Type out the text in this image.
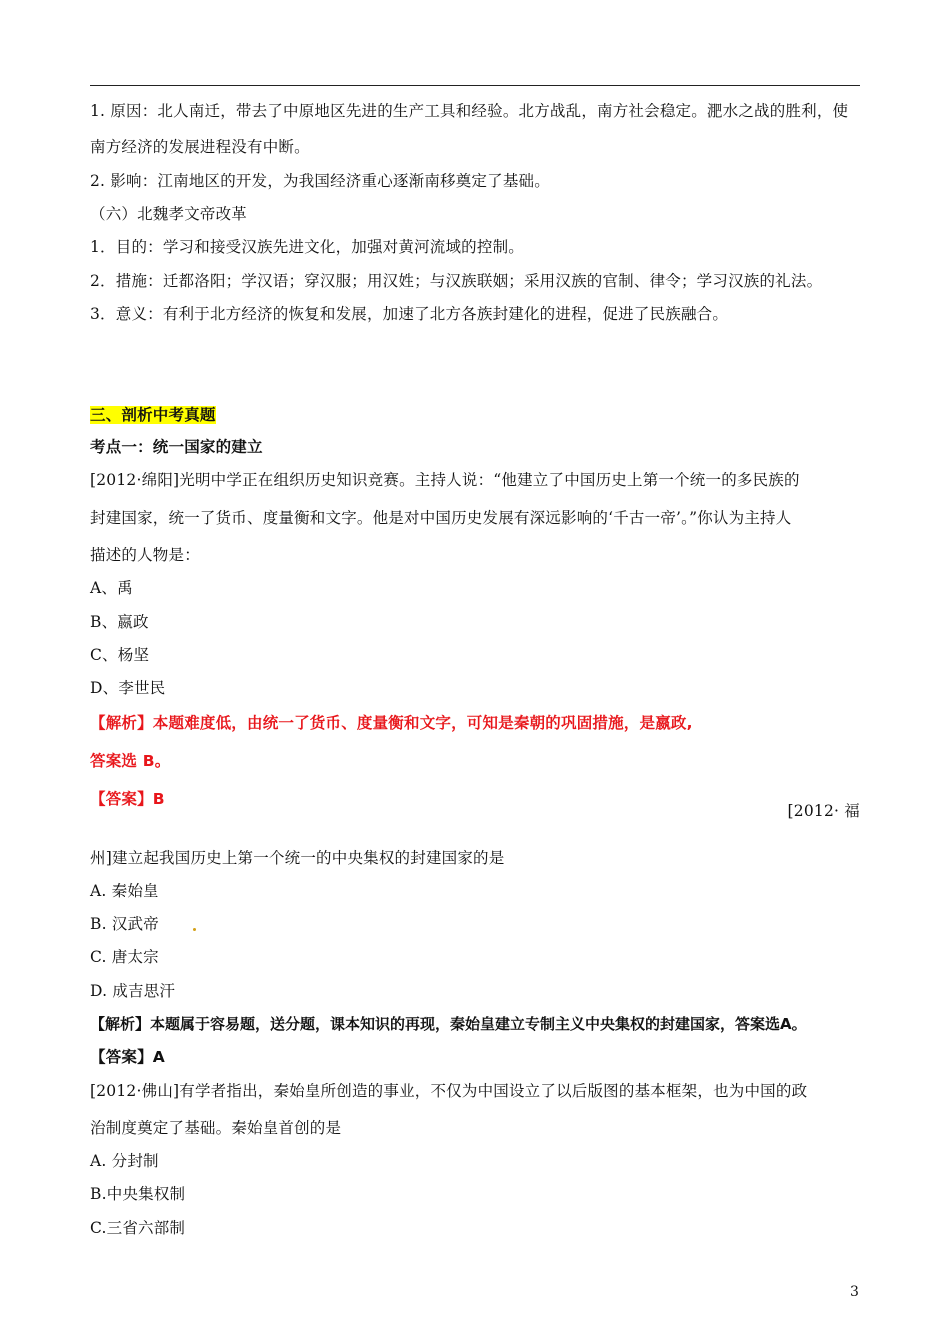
1. 原因：北人南迁，带去了中原地区先进的生产工具和经验。北方战乱，南方社会稳定。淝水之战的胜利，使
南方经济的发展进程没有中断。
2. 影响：江南地区的开发，为我国经济重心逐渐南移奠定了基础。
（六）北魏孝文帝改革
1．目的：学习和接受汉族先进文化，加强对黄河流域的控制。
2．措施：迁都洛阳；学汉语；穿汉服；用汉姓；与汉族联姻；采用汉族的官制、律令；学习汉族的礼法。
3．意义：有利于北方经济的恢复和发展，加速了北方各族封建化的进程，促进了民族融合。
三、剖析中考真题
考点一：统一国家的建立
[2012·绵阳]光明中学正在组织历史知识竞赛。主持人说：“他建立了中国历史上第一个统一的多民族的
封建国家，统一了货币、度量衡和文字。他是对中国历史发展有深远影响的‘千古一帝’。”你认为主持人
描述的人物是：
A、禹
B、嬴政
C、杨坚
D、李世民
【解析】本题难度低，由统一了货币、度量衡和文字，可知是秦朝的巩固措施，是嬴政,
答案选 B。
【答案】B
[2012· 福
州]建立起我国历史上第一个统一的中央集权的封建国家的是
A. 秦始皇
B. 汉武帝
C. 唐太宗
D. 成吉思汗
【解析】本题属于容易题，送分题，课本知识的再现，秦始皇建立专制主义中央集权的封建国家，答案选A。
【答案】A
[2012·佛山]有学者指出，秦始皇所创造的事业，不仅为中国设立了以后版图的基本框架，也为中国的政
治制度奠定了基础。秦始皇首创的是
A. 分封制
B.中央集权制
C.三省六部制
3
